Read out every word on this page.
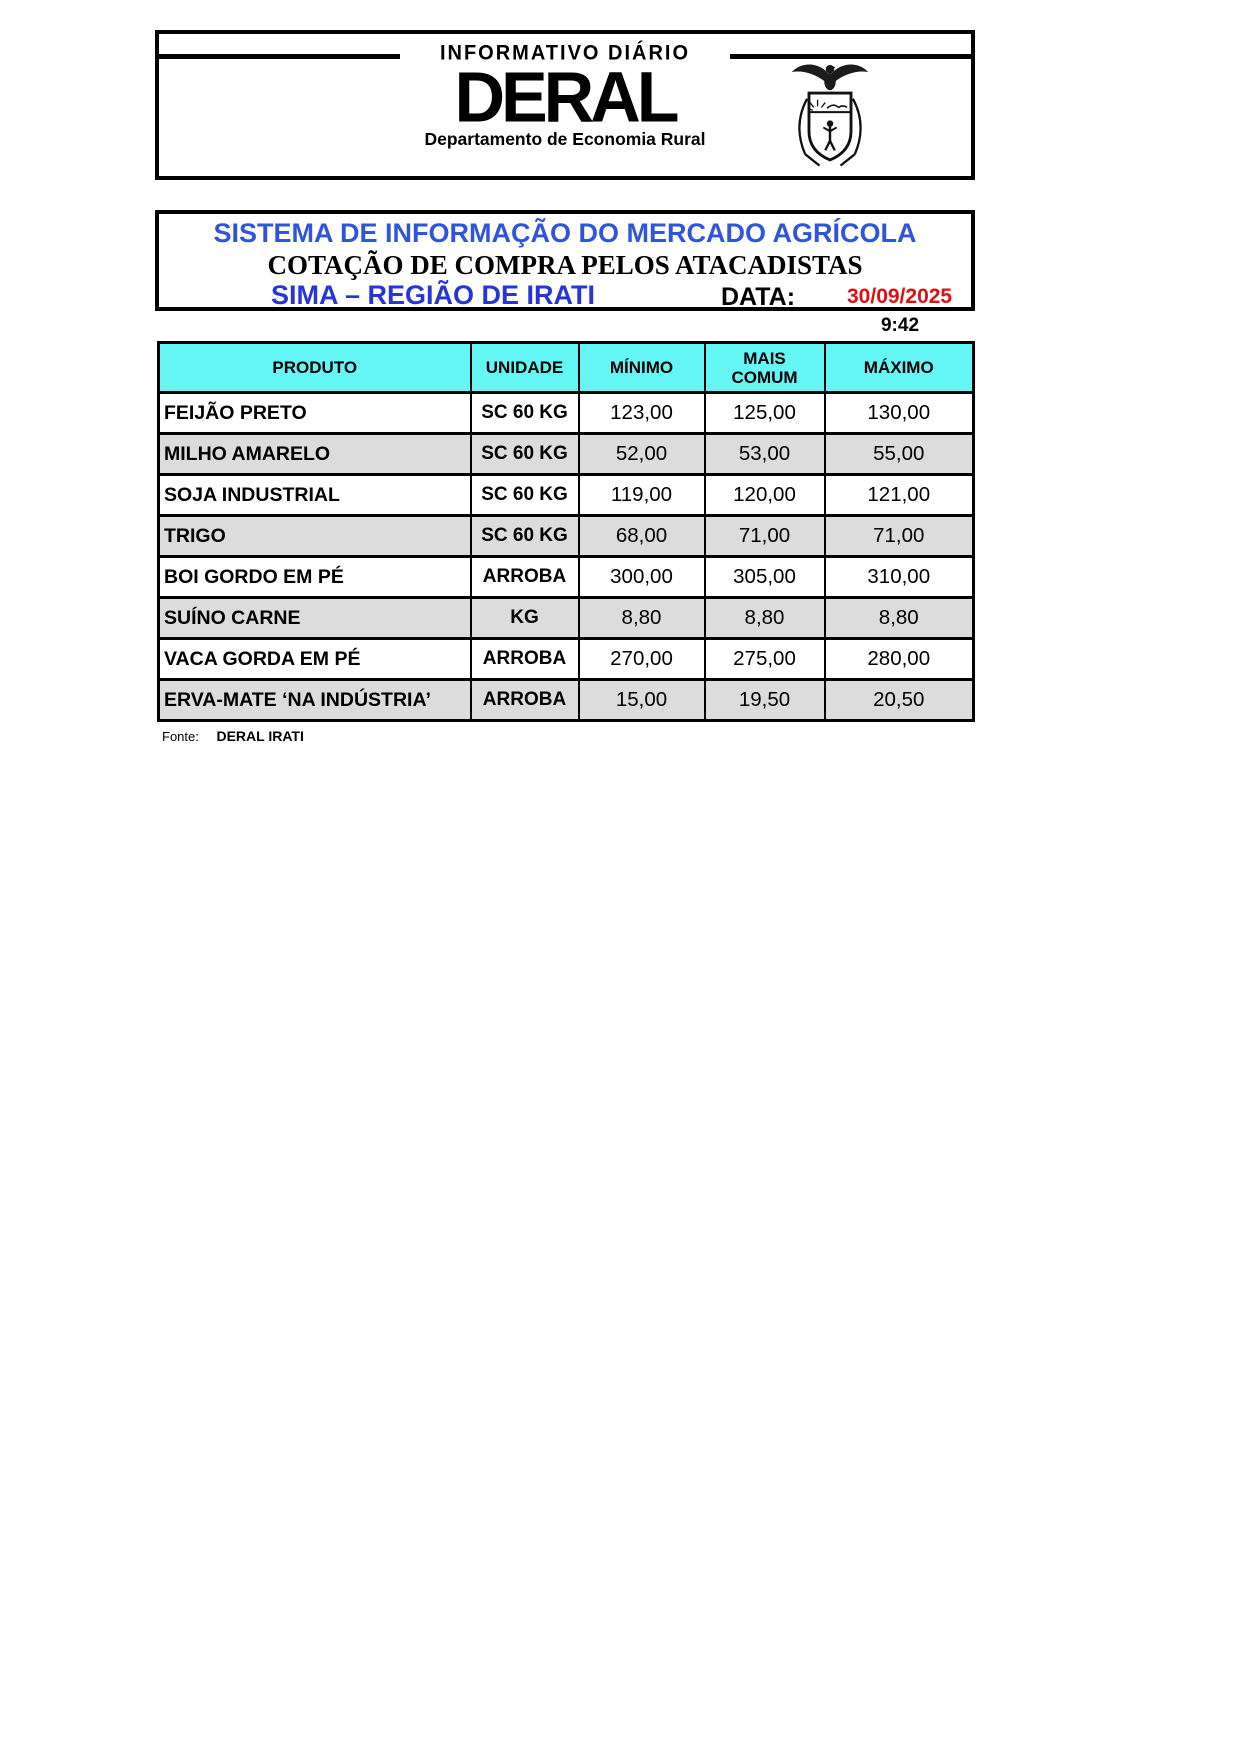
INFORMATIVO DIÁRIO
DERAL
Departamento de Economia Rural
SISTEMA DE INFORMAÇÃO DO MERCADO AGRÍCOLA
COTAÇÃO DE COMPRA PELOS ATACADISTAS
SIMA – REGIÃO DE IRATI	DATA: 30/09/2025
9:42
PRODUTO	UNIDADE	MÍNIMO	MAIS COMUM	MÁXIMO
FEIJÃO PRETO	SC 60 KG	123,00	125,00	130,00
MILHO AMARELO	SC 60 KG	52,00	53,00	55,00
SOJA INDUSTRIAL	SC 60 KG	119,00	120,00	121,00
TRIGO	SC 60 KG	68,00	71,00	71,00
BOI GORDO EM PÉ	ARROBA	300,00	305,00	310,00
SUÍNO CARNE	KG	8,80	8,80	8,80
VACA GORDA EM PÉ	ARROBA	270,00	275,00	280,00
ERVA-MATE ‘NA INDÚSTRIA’	ARROBA	15,00	19,50	20,50
Fonte: DERAL IRATI
